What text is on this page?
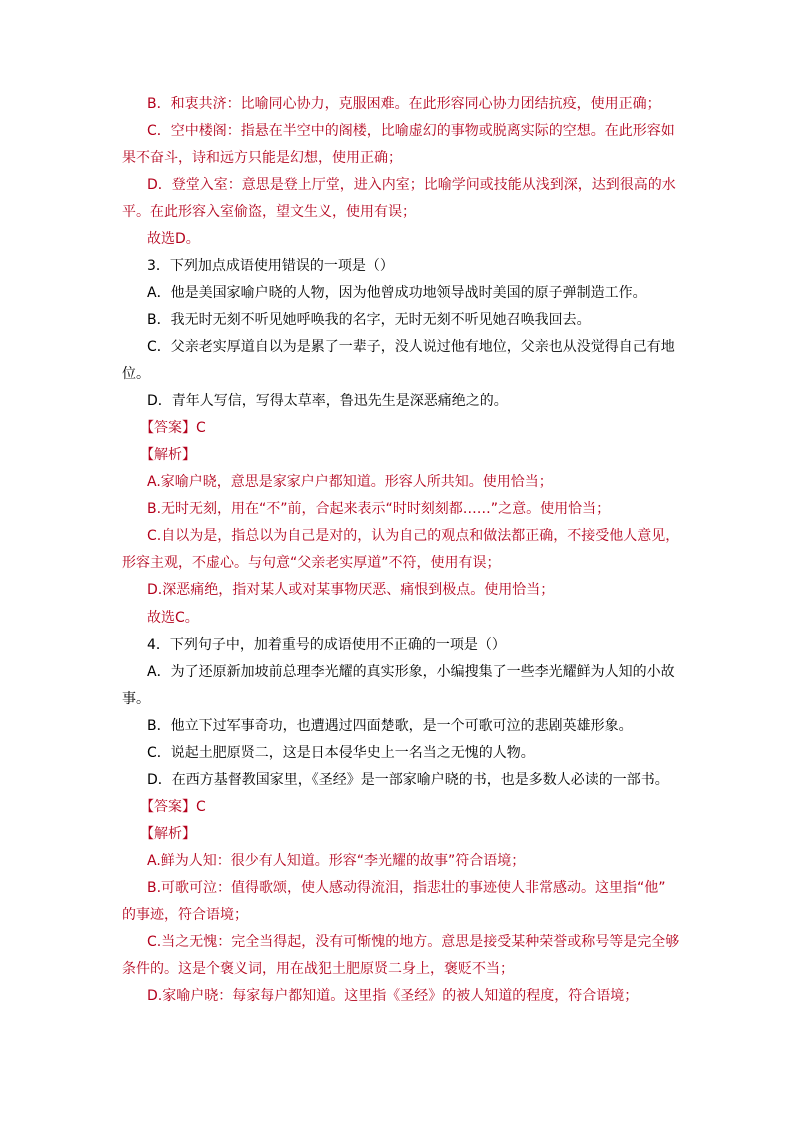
B．和衷共济：比喻同心协力，克服困难。在此形容同心协力团结抗疫，使用正确；
C．空中楼阁：指悬在半空中的阁楼，比喻虚幻的事物或脱离实际的空想。在此形容如
果不奋斗，诗和远方只能是幻想，使用正确；
D．登堂入室：意思是登上厅堂，进入内室；比喻学问或技能从浅到深，达到很高的水
平。在此形容入室偷盗，望文生义，使用有误；
故选D。
3．下列加点成语使用错误的一项是（）
A．他是美国家喻户晓的人物，因为他曾成功地领导战时美国的原子弹制造工作。
B．我无时无刻不听见她呼唤我的名字，无时无刻不听见她召唤我回去。
C．父亲老实厚道自以为是累了一辈子，没人说过他有地位，父亲也从没觉得自己有地
位。
D．青年人写信，写得太草率，鲁迅先生是深恶痛绝之的。
【答案】C
【解析】
A.家喻户晓，意思是家家户户都知道。形容人所共知。使用恰当；
B.无时无刻，用在“不”前，合起来表示“时时刻刻都……”之意。使用恰当；
C.自以为是，指总以为自己是对的，认为自己的观点和做法都正确，不接受他人意见，
形容主观，不虚心。与句意“父亲老实厚道”不符，使用有误；
D.深恶痛绝，指对某人或对某事物厌恶、痛恨到极点。使用恰当；
故选C。
4．下列句子中，加着重号的成语使用不正确的一项是（）
A．为了还原新加坡前总理李光耀的真实形象，小编搜集了一些李光耀鲜为人知的小故
事。
B．他立下过军事奇功，也遭遇过四面楚歌，是一个可歌可泣的悲剧英雄形象。
C．说起土肥原贤二，这是日本侵华史上一名当之无愧的人物。
D．在西方基督教国家里，《圣经》是一部家喻户晓的书，也是多数人必读的一部书。
【答案】C
【解析】
A.鲜为人知：很少有人知道。形容“李光耀的故事”符合语境；
B.可歌可泣：值得歌颂，使人感动得流泪，指悲壮的事迹使人非常感动。这里指“他”
的事迹，符合语境；
C.当之无愧：完全当得起，没有可惭愧的地方。意思是接受某种荣誉或称号等是完全够
条件的。这是个褒义词，用在战犯土肥原贤二身上，褒贬不当；
D.家喻户晓：每家每户都知道。这里指《圣经》的被人知道的程度，符合语境；
